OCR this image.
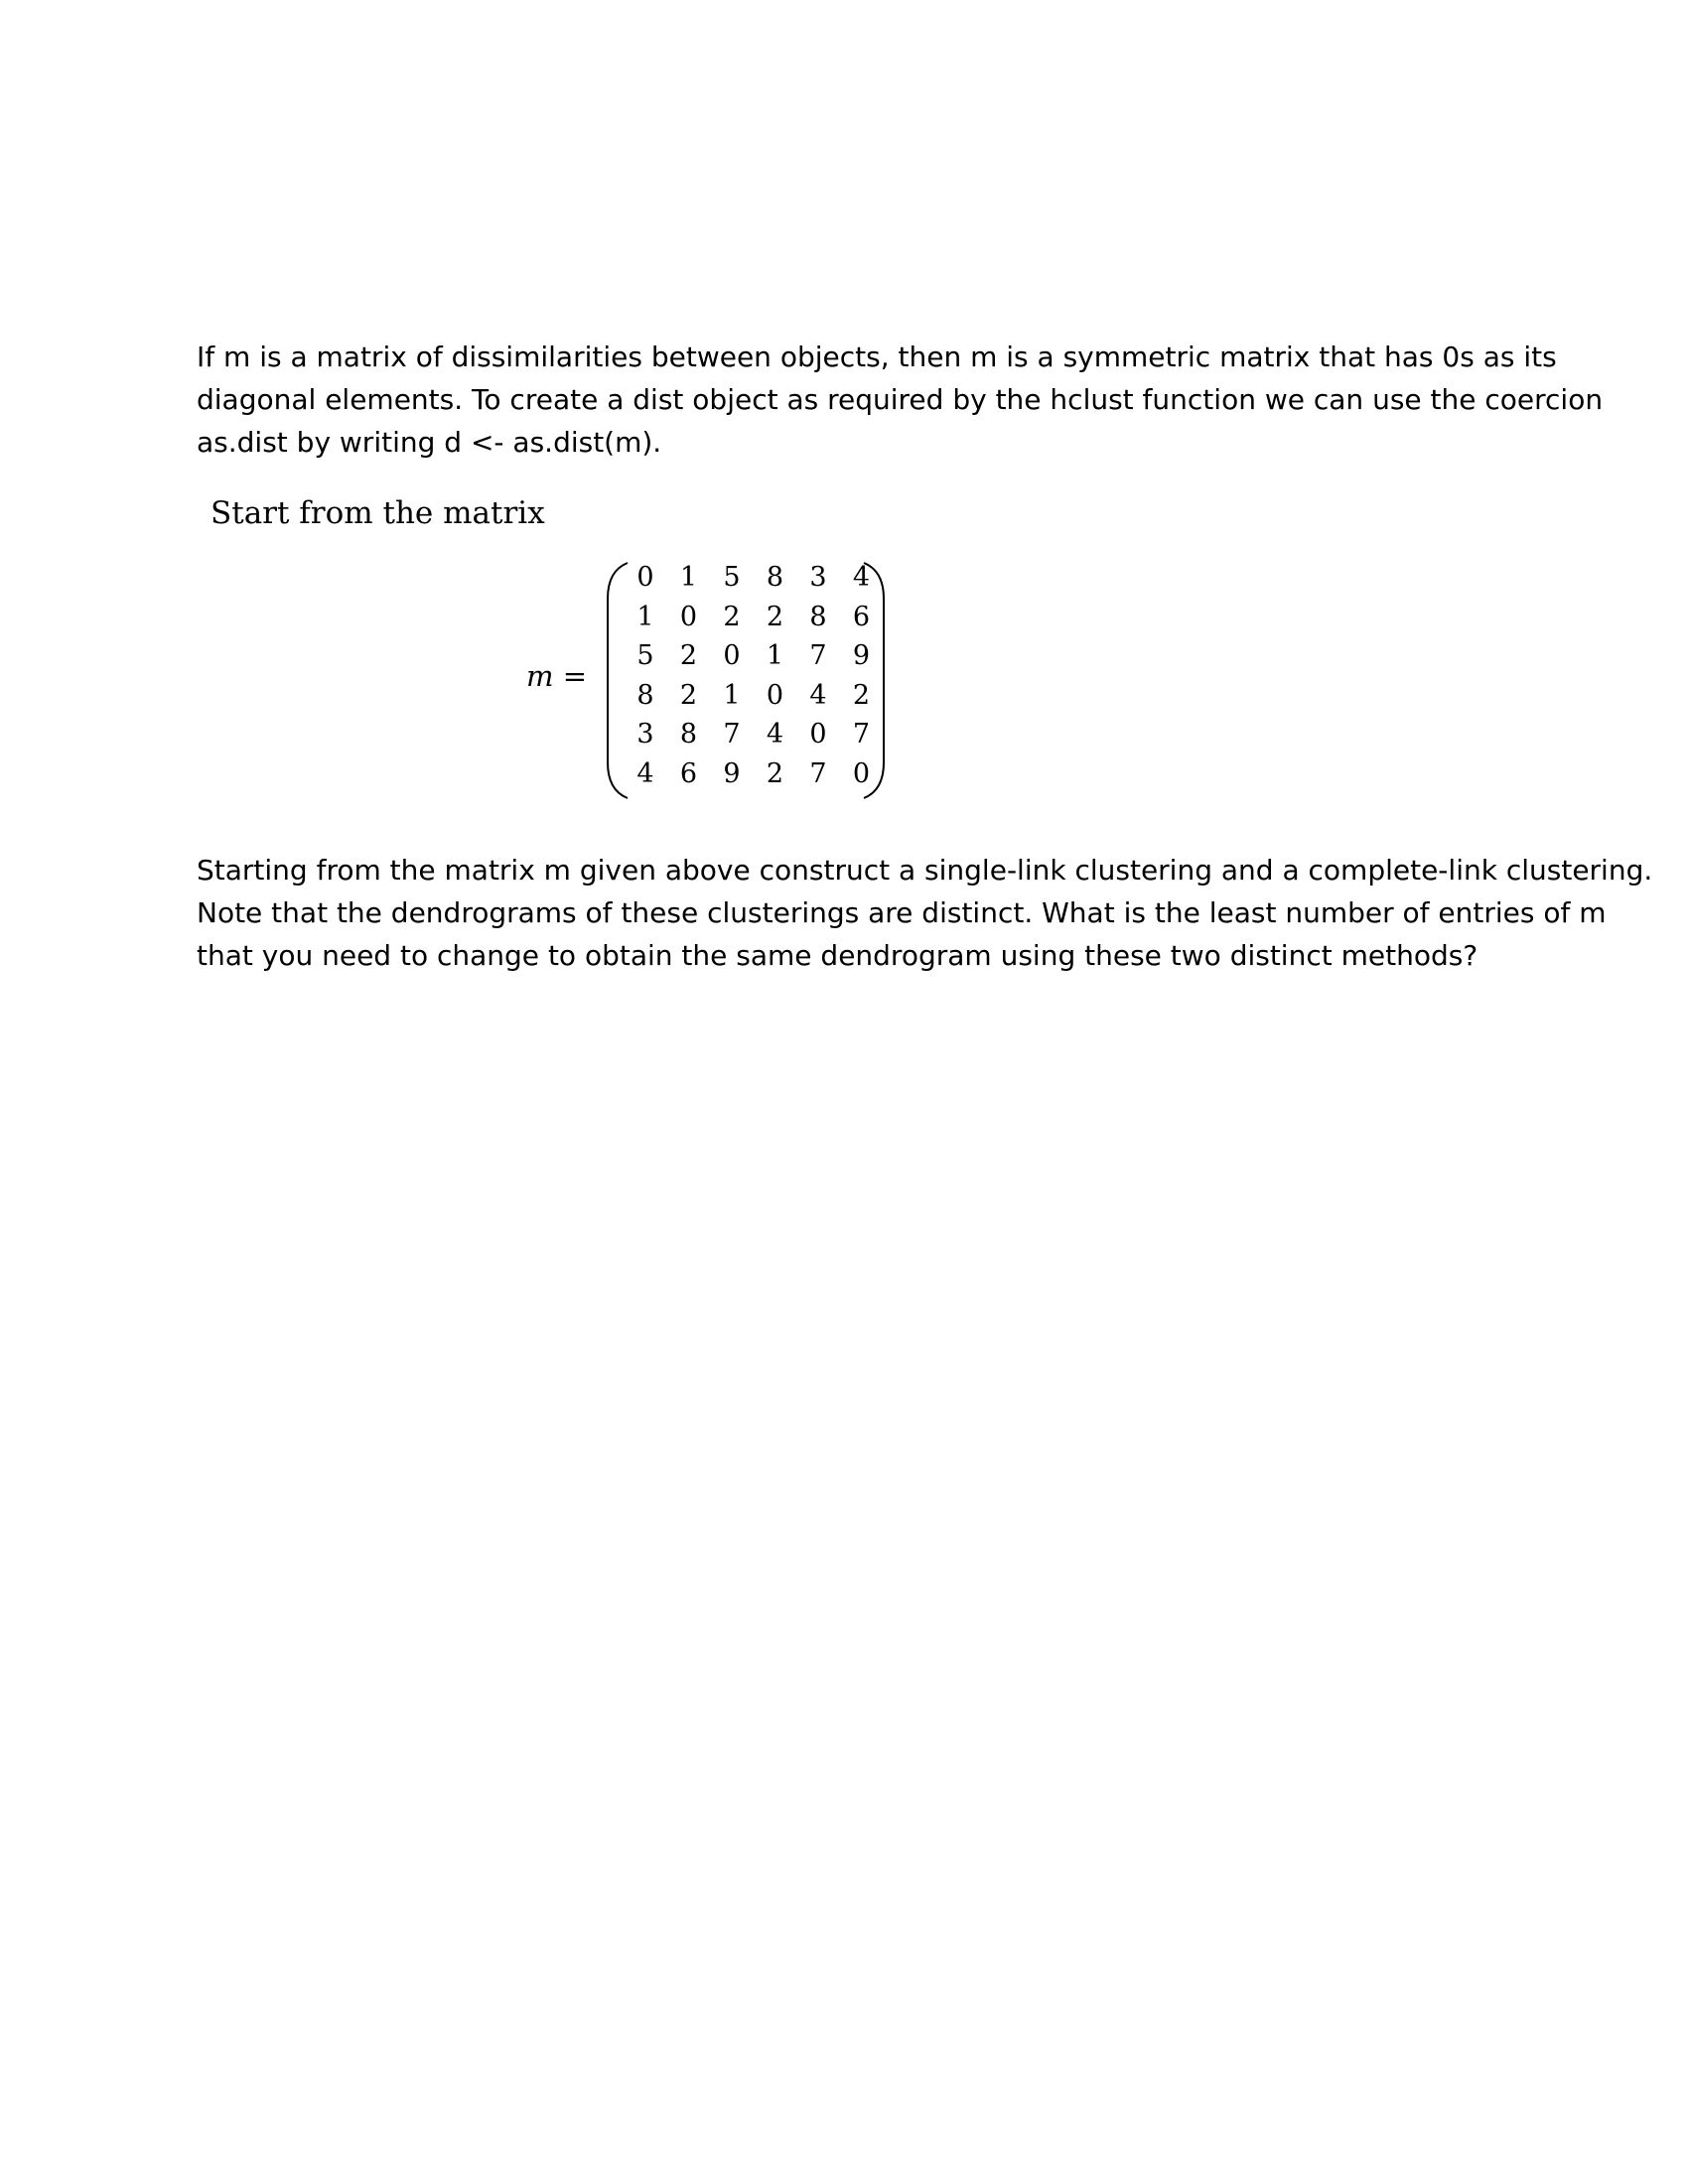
If m is a matrix of dissimilarities between objects, then m is a symmetric matrix that has 0s as its
diagonal elements. To create a dist object as required by the hclust function we can use the coercion
as.dist by writing d <- as.dist(m).
Start from the matrix
m =
0 1 5 8 3 4
1 0 2 2 8 6
5 2 0 1 7 9
8 2 1 0 4 2
3 8 7 4 0 7
4 6 9 2 7 0
Starting from the matrix m given above construct a single-link clustering and a complete-link clustering.
Note that the dendrograms of these clusterings are distinct. What is the least number of entries of m
that you need to change to obtain the same dendrogram using these two distinct methods?
